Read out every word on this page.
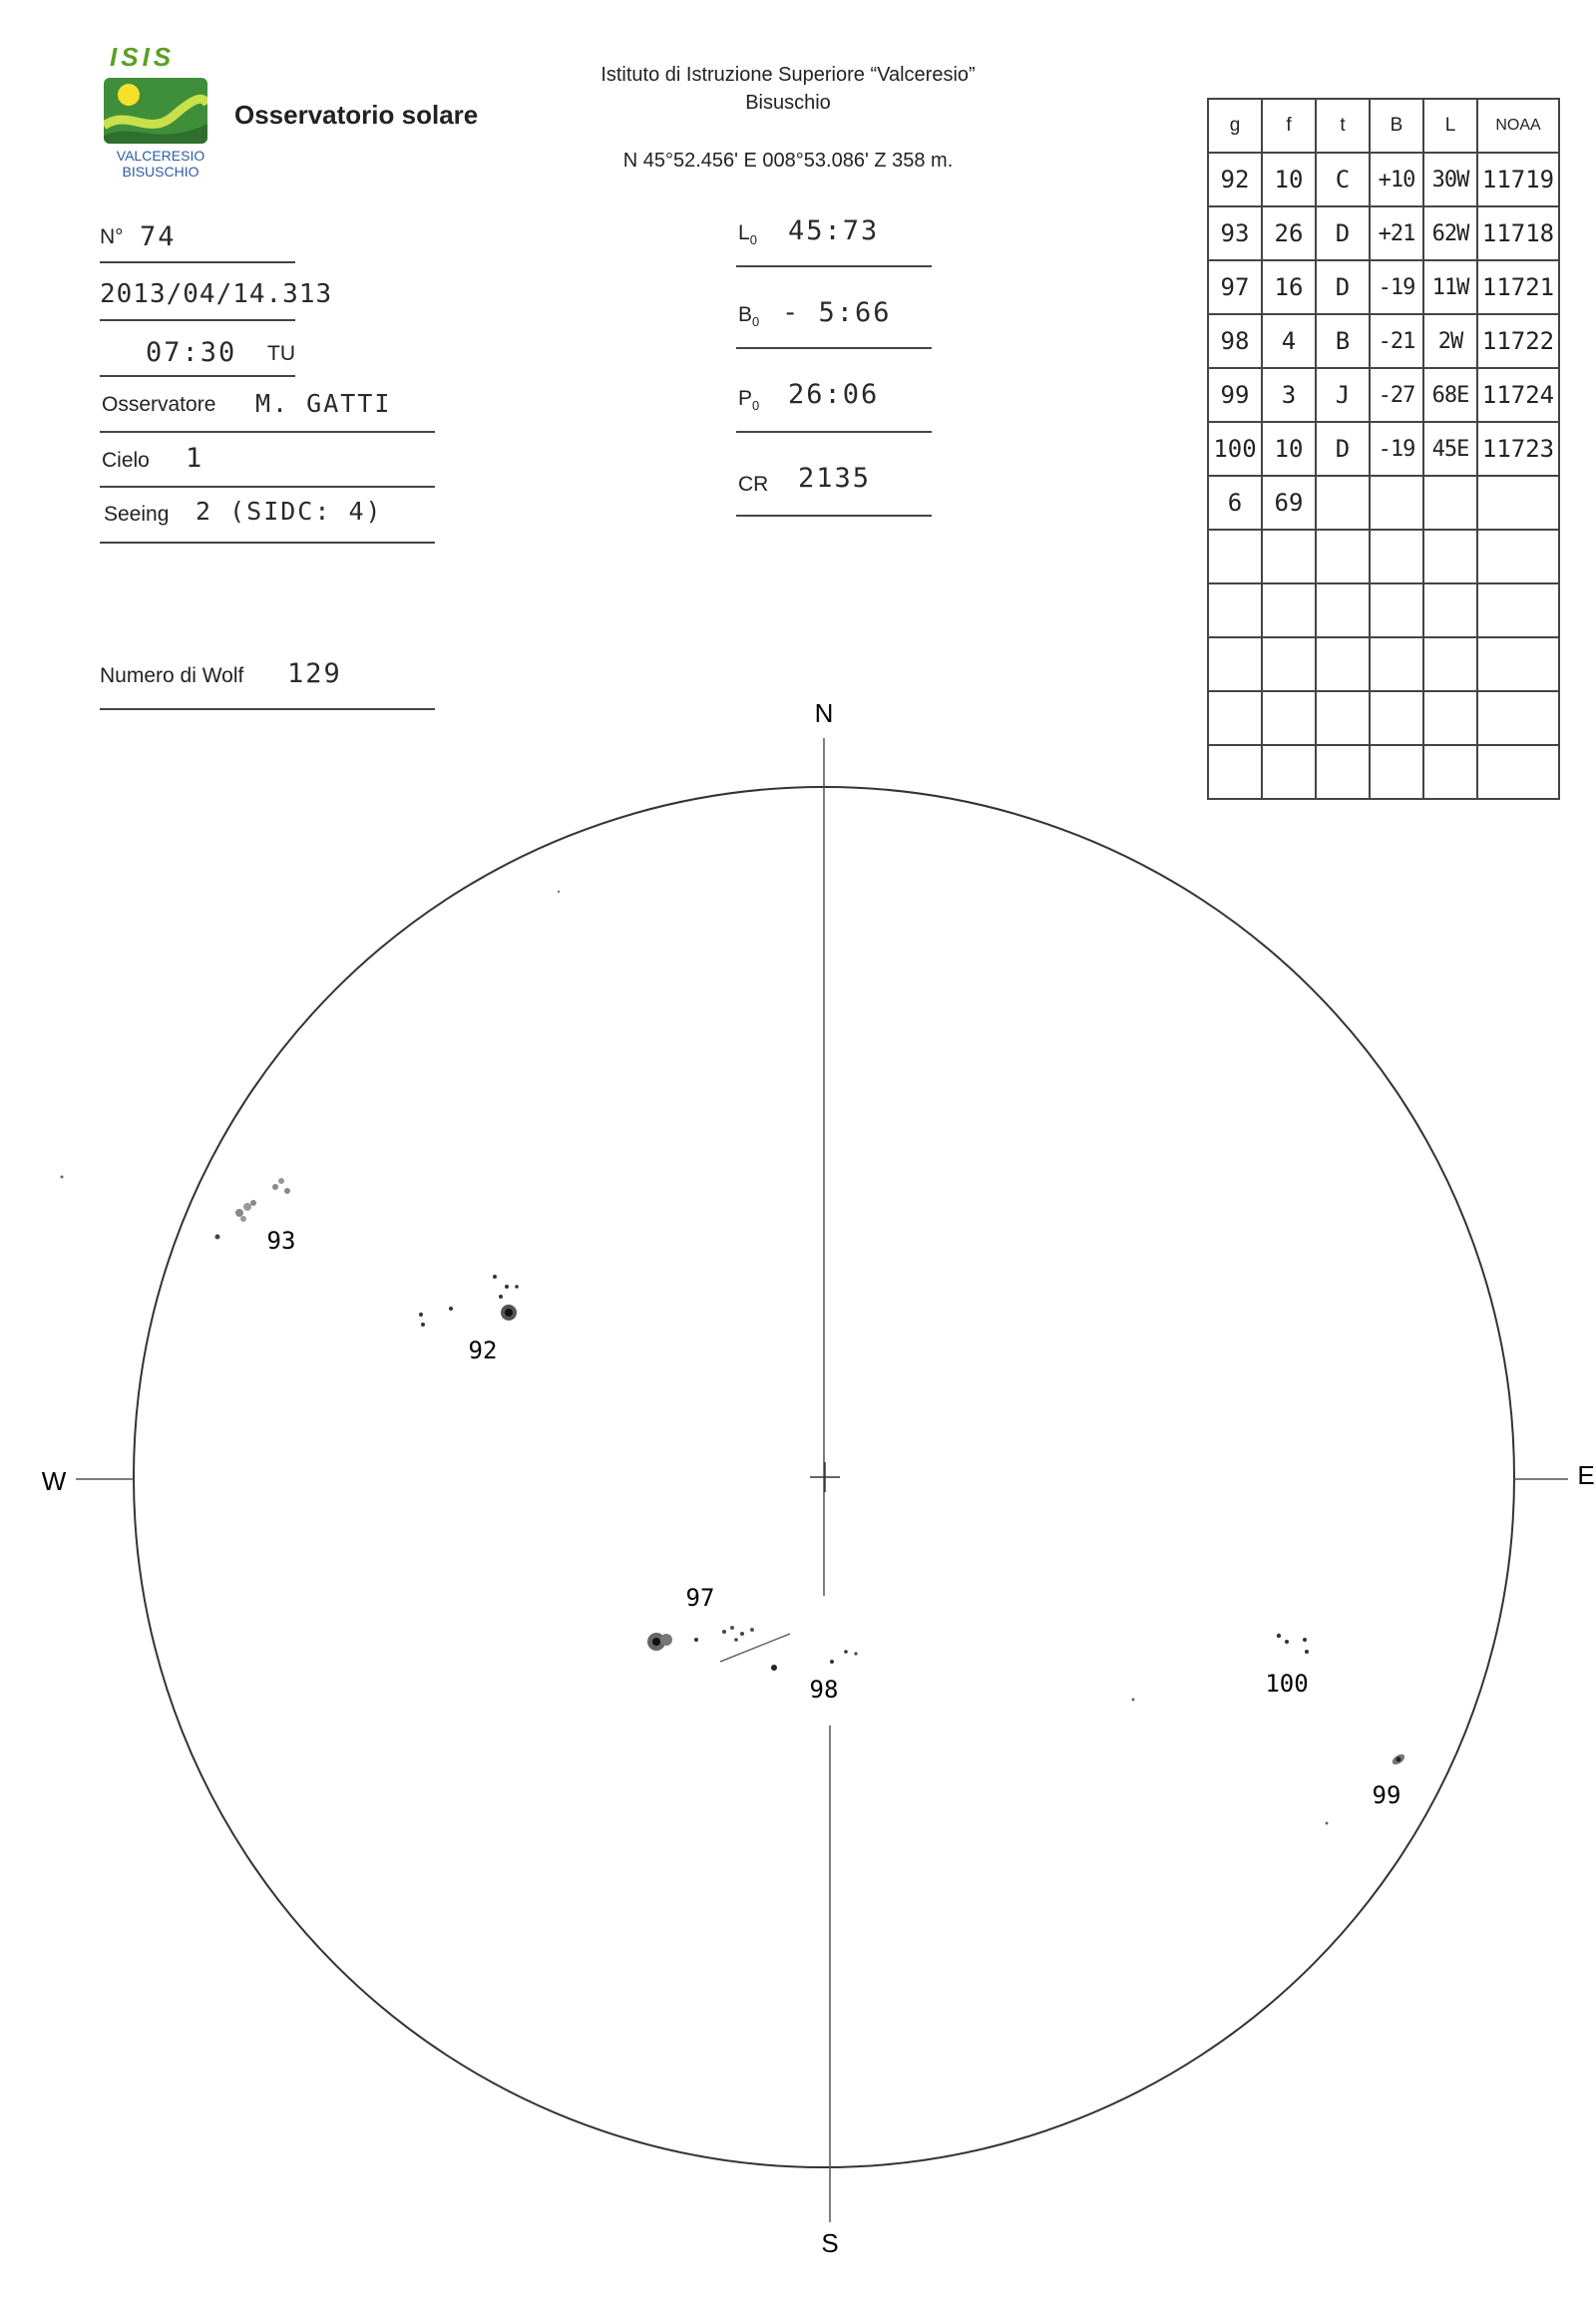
ISIS
VALCERESIO
BISUSCHIO
Osservatorio solare
Istituto di Istruzione Superiore “Valceresio”
Bisuschio
N 45°52.456' E 008°53.086' Z 358 m.
N° 74
2013/04/14.313
07:30 TU
Osservatore M. GATTI
Cielo 1
Seeing 2 (SIDC: 4)
Numero di Wolf 129
$L_0$ 45:73
$B_0$ - 5:66
$P_0$ 26:06
CR 2135
g	f	t	B	L	NOAA
92	10	C	+10	30W	11719
93	26	D	+21	62W	11718
97	16	D	-19	11W	11721
98	4	B	-21	2W	11722
99	3	J	-27	68E	11724
100	10	D	-19	45E	11723
6	69				

N
S
W	E
93
92
97
98	100
99
